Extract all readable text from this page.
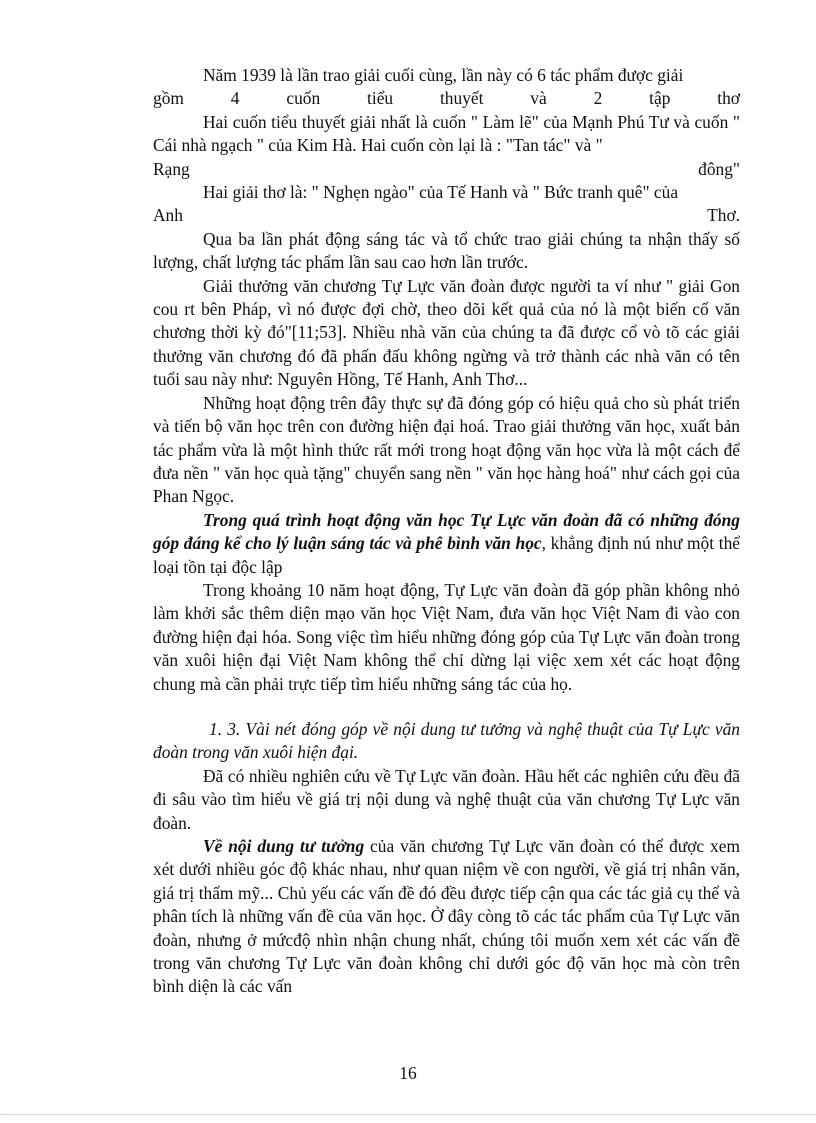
Năm 1939 là lần trao giải cuối cùng, lần này có 6 tác phẩm được giải

gồm 4 cuốn tiểu thuyết và 2 tập thơ

Hai cuốn tiểu thuyết giải nhất là cuốn " Làm lẽ" của Mạnh Phú Tư và cuốn " Cái nhà ngạch " của Kim Hà. Hai cuốn còn lại là : "Tan tác" và "

Rạng đông"

Hai giải thơ là: " Nghẹn ngào" của Tế Hanh và " Bức tranh quê" của

Anh Thơ.

Qua ba lần phát động sáng tác và tổ chức trao giải chúng ta nhận thấy số lượng, chất lượng tác phẩm lần sau cao hơn lần trước.

Giải thưởng văn chương Tự Lực văn đoàn được người ta ví như " giải Gon cou rt bên Pháp, vì nó được đợi chờ, theo dõi kết quả của nó là một biến cố văn chương thời kỳ đó"[11;53]. Nhiều nhà văn của chúng ta đã được cổ vò tõ các giải thưởng văn chương đó đã phấn đấu không ngừng và trở thành các nhà văn có tên tuổi sau này như: Nguyên Hồng, Tế Hanh, Anh Thơ...

Những hoạt động trên đây thực sự đã đóng góp có hiệu quả cho sù phát triển và tiến bộ văn học trên con đường hiện đại hoá. Trao giải thưởng văn học, xuất bản tác phẩm vừa là một hình thức rất mới trong hoạt động văn học vừa là một cách để đưa nền " văn học quà tặng" chuyển sang nền " văn học hàng hoá" như cách gọi của Phan Ngọc.

Trong quá trình hoạt động văn học Tự Lực văn đoàn đã có những đóng góp đáng kể cho lý luận sáng tác và phê bình văn học, khẳng định nú như một thể loại tồn tại độc lập

Trong khoảng 10 năm hoạt động, Tự Lực văn đoàn đã góp phần không nhỏ làm khởi sắc thêm diện mạo văn học Việt Nam, đưa văn học Việt Nam đi vào con đường hiện đại hóa. Song việc tìm hiểu những đóng góp của Tự Lực văn đoàn trong văn xuôi hiện đại Việt Nam không thể chỉ dừng lại việc xem xét các hoạt động chung mà cần phải trực tiếp tìm hiểu những sáng tác của họ.

1. 3. Vài nét đóng góp về nội dung tư tưởng và nghệ thuật của Tự Lực văn đoàn trong văn xuôi hiện đại.

Đã có nhiều nghiên cứu về Tự Lực văn đoàn. Hầu hết các nghiên cứu đều đã đi sâu vào tìm hiểu về giá trị nội dung và nghệ thuật của văn chương Tự Lực văn đoàn.

Về nội dung tư tưởng của văn chương Tự Lực văn đoàn có thể được xem xét dưới nhiều góc độ khác nhau, như quan niệm về con người, về giá trị nhân văn, giá trị thẩm mỹ... Chủ yếu các vấn đề đó đều được tiếp cận qua các tác giả cụ thể và phân tích là những vấn đề của văn học. Ở đây còng tõ các tác phẩm của Tự Lực văn đoàn, nhưng ở mứcđộ nhìn nhận chung nhất, chúng tôi muốn xem xét các vấn đề trong văn chương Tự Lực văn đoàn không chỉ dưới góc độ văn học mà còn trên bình diện là các vấn

16
